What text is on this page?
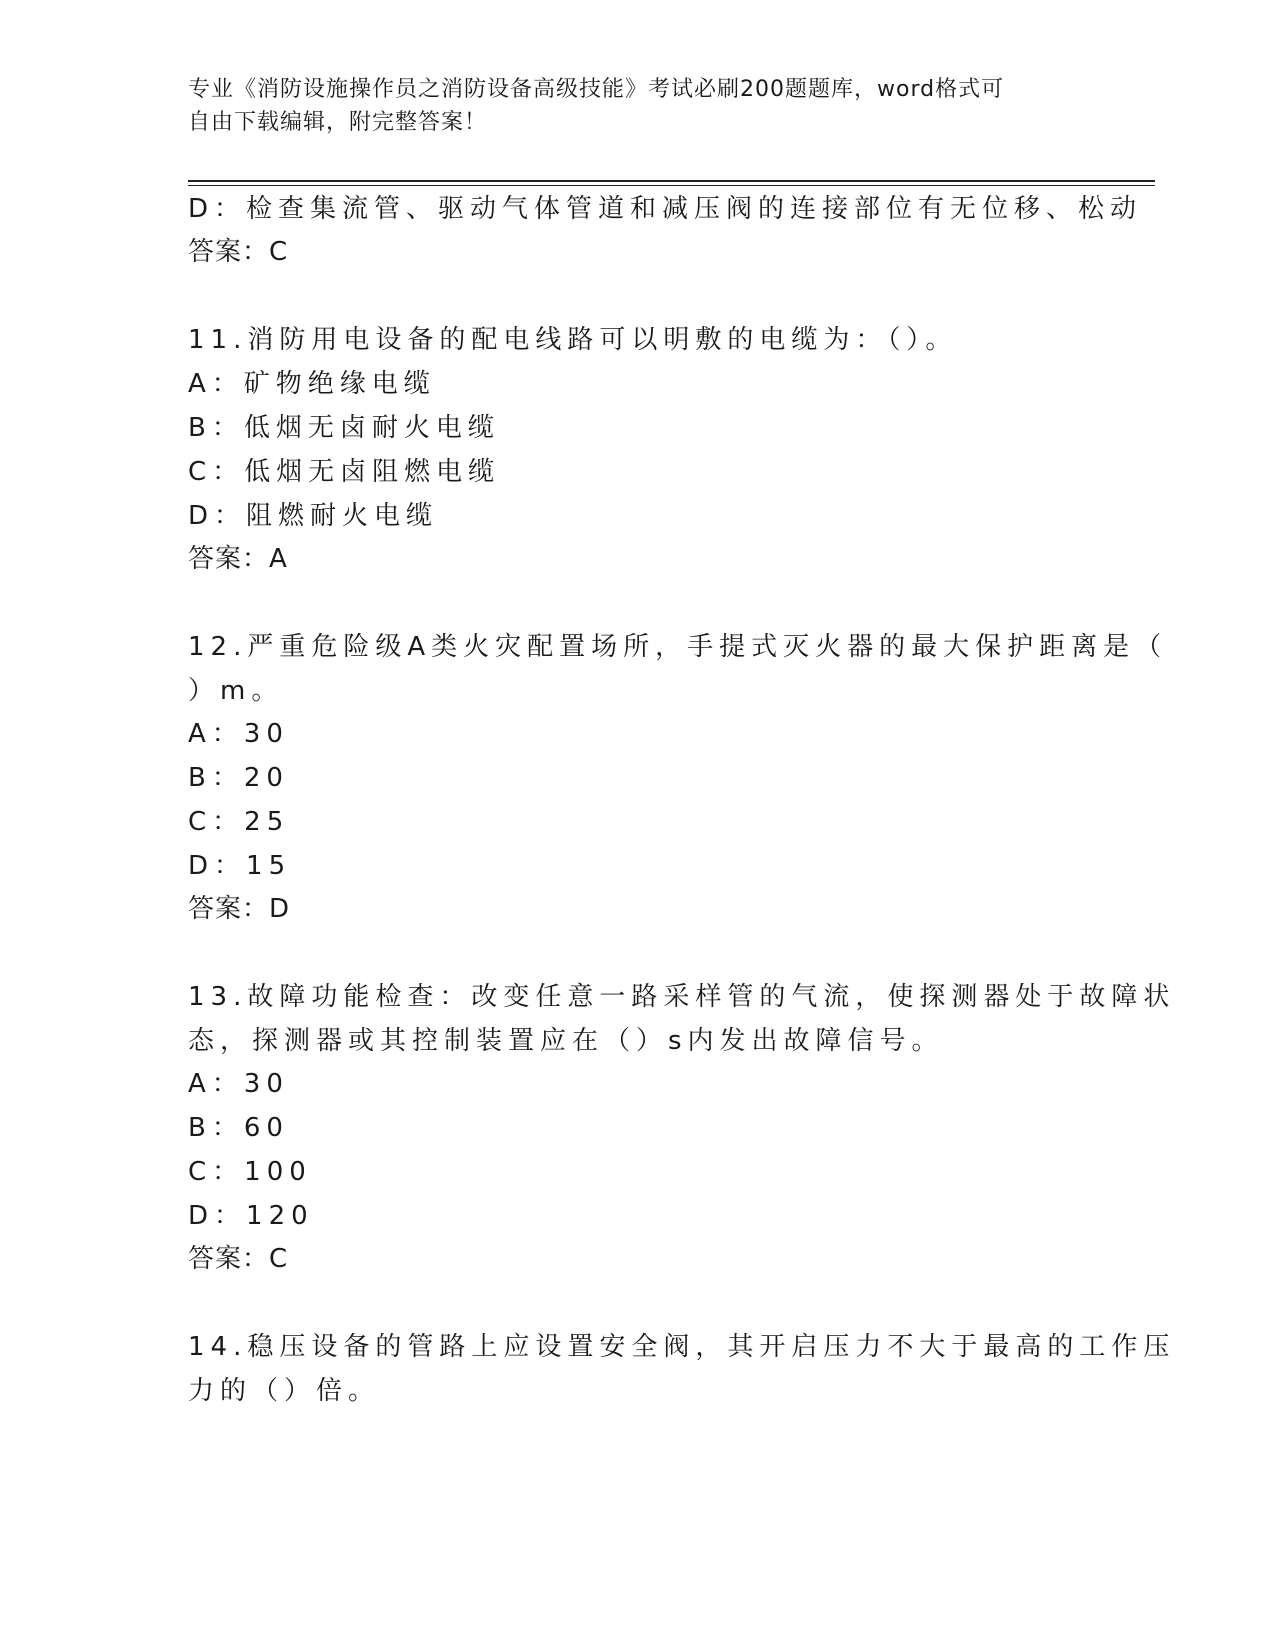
专业《消防设施操作员之消防设备高级技能》考试必刷200题题库，word格式可
自由下载编辑，附完整答案！
D：检查集流管、驱动气体管道和减压阀的连接部位有无位移、松动
答案：C
11.消防用电设备的配电线路可以明敷的电缆为：（）。
A：矿物绝缘电缆
B：低烟无卤耐火电缆
C：低烟无卤阻燃电缆
D：阻燃耐火电缆
答案：A
12.严重危险级A类火灾配置场所，手提式灭火器的最大保护距离是（
）m。
A：30
B：20
C：25
D：15
答案：D
13.故障功能检查：改变任意一路采样管的气流，使探测器处于故障状
态，探测器或其控制装置应在（）s内发出故障信号。
A：30
B：60
C：100
D：120
答案：C
14.稳压设备的管路上应设置安全阀，其开启压力不大于最高的工作压
力的（）倍。
